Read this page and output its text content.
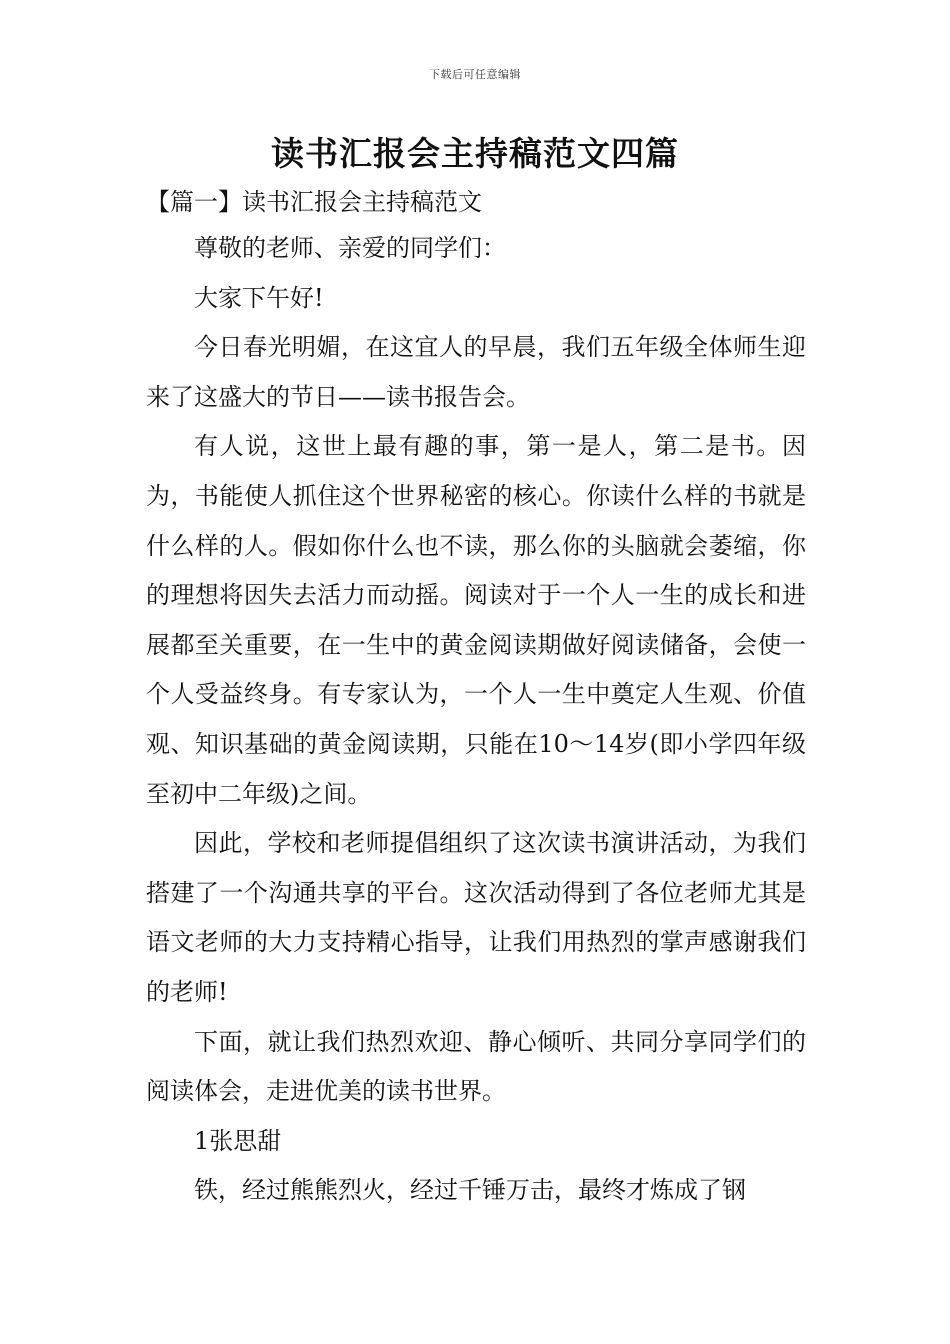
下载后可任意编辑
读书汇报会主持稿范文四篇
【篇一】读书汇报会主持稿范文

尊敬的老师、亲爱的同学们：

大家下午好!

今日春光明媚，在这宜人的早晨，我们五年级全体师生迎来了这盛大的节日——读书报告会。

有人说，这世上最有趣的事，第一是人，第二是书。因为，书能使人抓住这个世界秘密的核心。你读什么样的书就是什么样的人。假如你什么也不读，那么你的头脑就会萎缩，你的理想将因失去活力而动摇。阅读对于一个人一生的成长和进展都至关重要，在一生中的黄金阅读期做好阅读储备，会使一个人受益终身。有专家认为，一个人一生中奠定人生观、价值观、知识基础的黄金阅读期，只能在10～14岁(即小学四年级至初中二年级)之间。

因此，学校和老师提倡组织了这次读书演讲活动，为我们搭建了一个沟通共享的平台。这次活动得到了各位老师尤其是语文老师的大力支持精心指导，让我们用热烈的掌声感谢我们的老师!

下面，就让我们热烈欢迎、静心倾听、共同分享同学们的阅读体会，走进优美的读书世界。

1张思甜

铁，经过熊熊烈火，经过千锤万击，最终才炼成了钢
